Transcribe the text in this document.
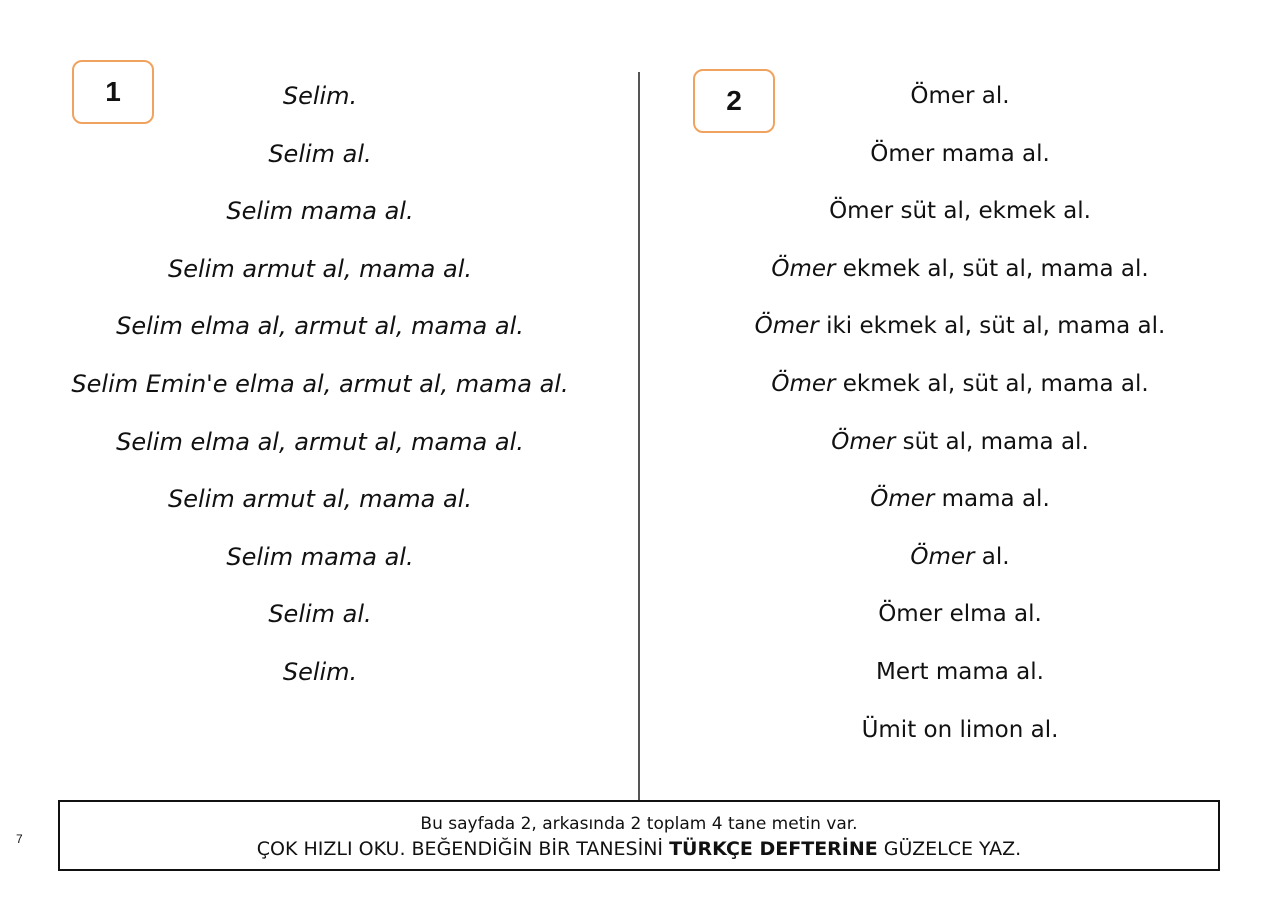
1	2
Selim.
Selim al.
Selim mama al.
Selim armut al, mama al.
Selim elma al, armut al, mama al.
Selim Emin'e elma al, armut al, mama al.
Selim elma al, armut al, mama al.
Selim armut al, mama al.
Selim mama al.
Selim al.
Selim.
Ömer al.
Ömer mama al.
Ömer süt al, ekmek al.
Ömer ekmek al, süt al, mama al.
Ömer iki ekmek al, süt al, mama al.
Ömer ekmek al, süt al, mama al.
Ömer süt al, mama al.
Ömer mama al.
Ömer al.
Ömer elma al.
Mert mama al.
Ümit on limon al.
Bu sayfada 2, arkasında 2 toplam 4 tane metin var.
ÇOK HIZLI OKU. BEĞENDİĞİN BİR TANESİNİ TÜRKÇE DEFTERİNE GÜZELCE YAZ.
7
